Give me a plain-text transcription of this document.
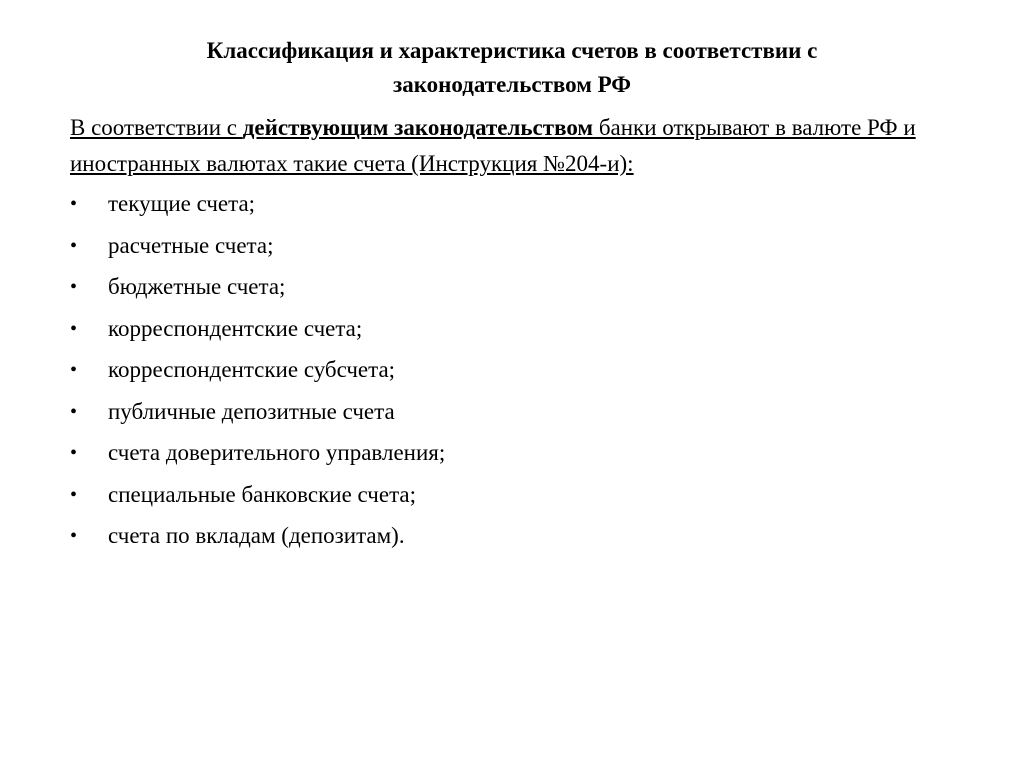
Классификация и характеристика счетов в соответствии с
законодательством РФ
В соответствии с действующим законодательством банки открывают в валюте РФ и иностранных валютах такие счета (Инструкция №204-и):
•	текущие счета;
•	расчетные счета;
•	бюджетные счета;
•	корреспондентские счета;
•	корреспондентские субсчета;
•	публичные депозитные счета
•	счета доверительного управления;
•	специальные банковские счета;
•	счета по вкладам (депозитам).
